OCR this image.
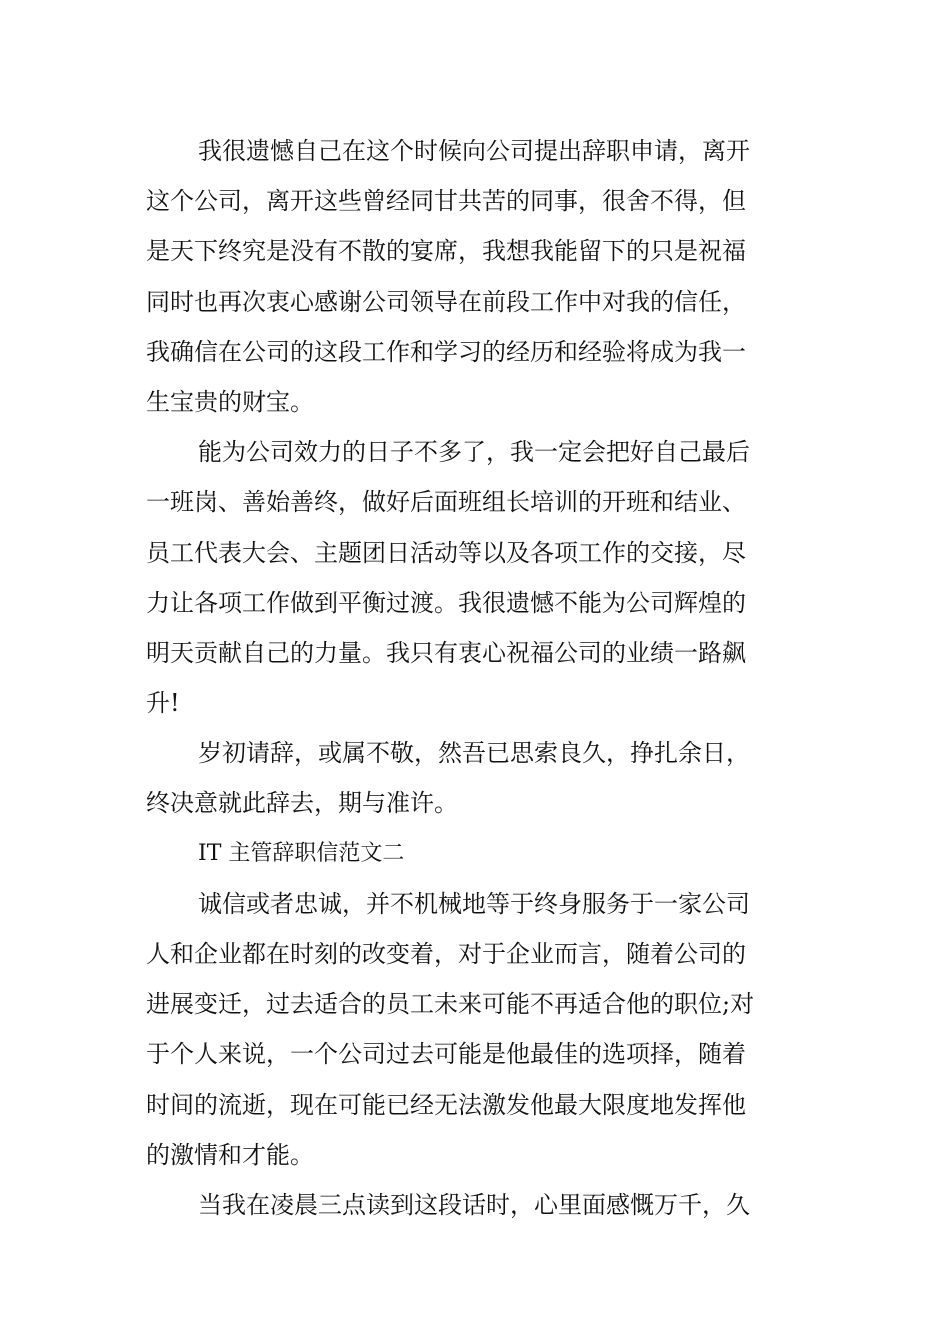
我很遗憾自己在这个时候向公司提出辞职申请，离开
这个公司，离开这些曾经同甘共苦的同事，很舍不得，但
是天下终究是没有不散的宴席，我想我能留下的只是祝福
同时也再次衷心感谢公司领导在前段工作中对我的信任，
我确信在公司的这段工作和学习的经历和经验将成为我一
生宝贵的财宝。
能为公司效力的日子不多了，我一定会把好自己最后
一班岗、善始善终，做好后面班组长培训的开班和结业、
员工代表大会、主题团日活动等以及各项工作的交接，尽
力让各项工作做到平衡过渡。我很遗憾不能为公司辉煌的
明天贡献自己的力量。我只有衷心祝福公司的业绩一路飙
升!
岁初请辞，或属不敬，然吾已思索良久，挣扎余日，
终决意就此辞去，期与准许。
IT 主管辞职信范文二
诚信或者忠诚，并不机械地等于终身服务于一家公司
人和企业都在时刻的改变着，对于企业而言，随着公司的
进展变迁，过去适合的员工未来可能不再适合他的职位;对
于个人来说，一个公司过去可能是他最佳的选项择，随着
时间的流逝，现在可能已经无法激发他最大限度地发挥他
的激情和才能。
当我在凌晨三点读到这段话时，心里面感慨万千，久
